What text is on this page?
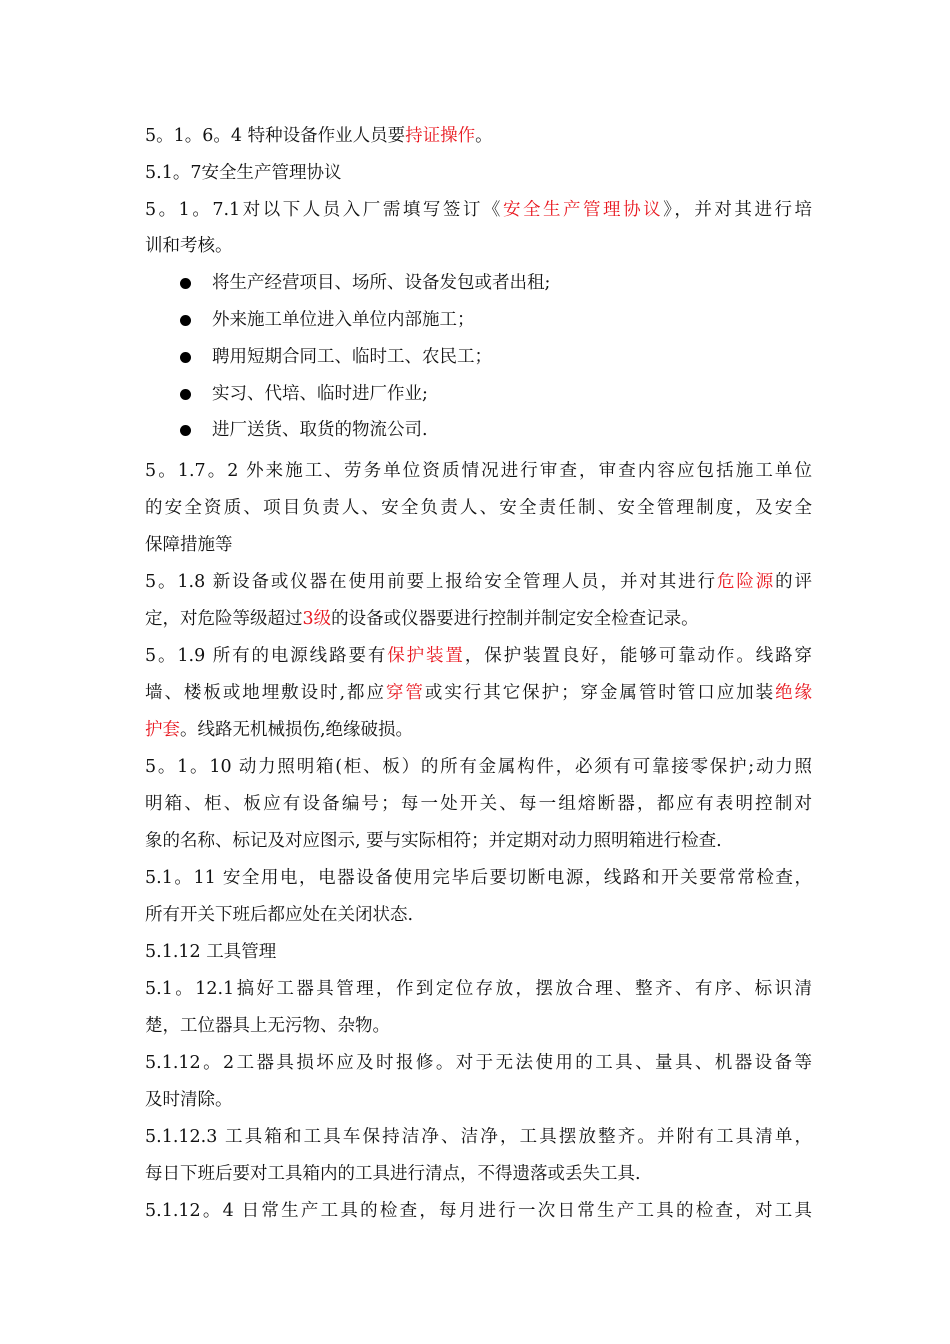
5。1。6。4 特种设备作业人员要持证操作。
5.1。7安全生产管理协议
5。1。7.1对以下人员入厂需填写签订《安全生产管理协议》，并对其进行培
训和考核。
5。1.7。2 外来施工、劳务单位资质情况进行审查，审查内容应包括施工单位
的安全资质、项目负责人、安全负责人、安全责任制、安全管理制度，及安全
保障措施等
5。1.8 新设备或仪器在使用前要上报给安全管理人员，并对其进行危险源的评
定，对危险等级超过3级的设备或仪器要进行控制并制定安全检查记录。
5。1.9 所有的电源线路要有保护装置，保护装置良好，能够可靠动作。线路穿
墙、楼板或地埋敷设时,都应穿管或实行其它保护；穿金属管时管口应加装绝缘
护套。线路无机械损伤,绝缘破损。
5。1。10 动力照明箱(柜、板）的所有金属构件，必须有可靠接零保护;动力照
明箱、柜、板应有设备编号；每一处开关、每一组熔断器，都应有表明控制对
象的名称、标记及对应图示, 要与实际相符；并定期对动力照明箱进行检查.
5.1。11 安全用电，电器设备使用完毕后要切断电源，线路和开关要常常检查，
所有开关下班后都应处在关闭状态.
5.1.12 工具管理
5.1。12.1搞好工器具管理，作到定位存放，摆放合理、整齐、有序、标识清
楚，工位器具上无污物、杂物。
5.1.12。2工器具损坏应及时报修。对于无法使用的工具、量具、机器设备等
及时清除。
5.1.12.3 工具箱和工具车保持洁净、洁净，工具摆放整齐。并附有工具清单，
每日下班后要对工具箱内的工具进行清点，不得遗落或丢失工具.
5.1.12。4 日常生产工具的检查，每月进行一次日常生产工具的检查，对工具
将生产经营项目、场所、设备发包或者出租;
外来施工单位进入单位内部施工；
聘用短期合同工、临时工、农民工；
实习、代培、临时进厂作业;
进厂送货、取货的物流公司.
